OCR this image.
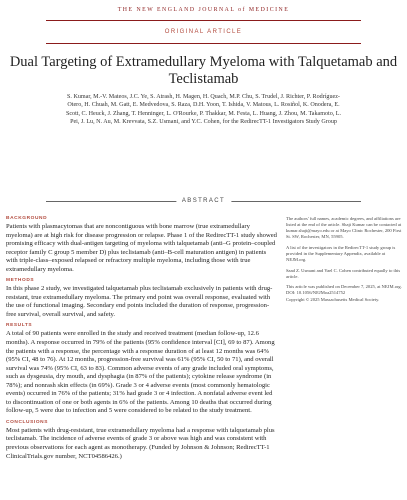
THE NEW ENGLAND JOURNAL of MEDICINE
ORIGINAL ARTICLE
Dual Targeting of Extramedullary Myeloma with Talquetamab and Teclistamab
S. Kumar, M.-V. Mateos, J.C. Ye, S. Atrash, H. Magen, H. Quach, M.P. Chu, S. Trudel, J. Richter, P. Rodríguez-Otero, H. Chuah, M. Gatt, E. Medvedova, S. Raza, D.H. Yoon, T. Ishida, V. Matous, L. Rosiñol, K. Onodera, E. Scott, C. Heuck, J. Zhang, T. Henninger, L. O'Rourke, P. Thakkar, M. Festa, L. Huang, J. Zhou, M. Takamoto, L. Pei, J. Lu, N. Au, M. Krevvata, S.Z. Usmani, and Y.C. Cohen, for the RedirecTT-1 Investigators Study Group
ABSTRACT
BACKGROUND

Patients with plasmacytomas that are noncontiguous with bone marrow (true extramedullary myeloma) are at high risk for disease progression or relapse. Phase 1 of the RedirecTT-1 study showed promising efficacy with dual-antigen targeting of myeloma with talquetamab (anti–G protein–coupled receptor family C group 5 member D) plus teclistamab (anti–B-cell maturation antigen) in patients with triple-class–exposed relapsed or refractory multiple myeloma, including those with true extramedullary myeloma.

METHODS

In this phase 2 study, we investigated talquetamab plus teclistamab exclusively in patients with drug-resistant, true extramedullary myeloma. The primary end point was overall response, evaluated with the use of functional imaging. Secondary end points included the duration of response, progression-free survival, overall survival, and safety.

RESULTS

A total of 90 patients were enrolled in the study and received treatment (median follow-up, 12.6 months). A response occurred in 79% of the patients (95% confidence interval [CI], 69 to 87). Among the patients with a response, the percentage with a response duration of at least 12 months was 64% (95% CI, 48 to 76). At 12 months, progression-free survival was 61% (95% CI, 50 to 71), and overall survival was 74% (95% CI, 63 to 83). Common adverse events of any grade included oral symptoms, such as dysgeusia, dry mouth, and dysphagia (in 87% of the patients); cytokine release syndrome (in 78%); and nonrash skin effects (in 69%). Grade 3 or 4 adverse events (most commonly hematologic events) occurred in 76% of the patients; 31% had grade 3 or 4 infection. A nonfatal adverse event led to discontinuation of one or both agents in 6% of the patients. Among 10 deaths that occurred during follow-up, 5 were due to infection and 5 were considered to be related to the study treatment.

CONCLUSIONS

Most patients with drug-resistant, true extramedullary myeloma had a response with talquetamab plus teclistamab. The incidence of adverse events of grade 3 or above was high and was consistent with previous observations for each agent as monotherapy. (Funded by Johnson & Johnson; RedirecTT-1 ClinicalTrials.gov number, NCT04586426.)

The authors' full names, academic degrees, and affiliations are listed at the end of the article. Shaji Kumar can be contacted at kumar.shaji@mayo.edu or at Mayo Clinic Rochester, 200 First St. SW, Rochester, MN, 55905.

A list of the investigators in the RedirecTT-1 study group is provided in the Supplementary Appendix, available at NEJM.org.

Saad Z. Usmani and Yael C. Cohen contributed equally to this article.

This article was published on December 7, 2025, at NEJM.org.

DOI: 10.1056/NEJMoa2514752

Copyright © 2025 Massachusetts Medical Society.
